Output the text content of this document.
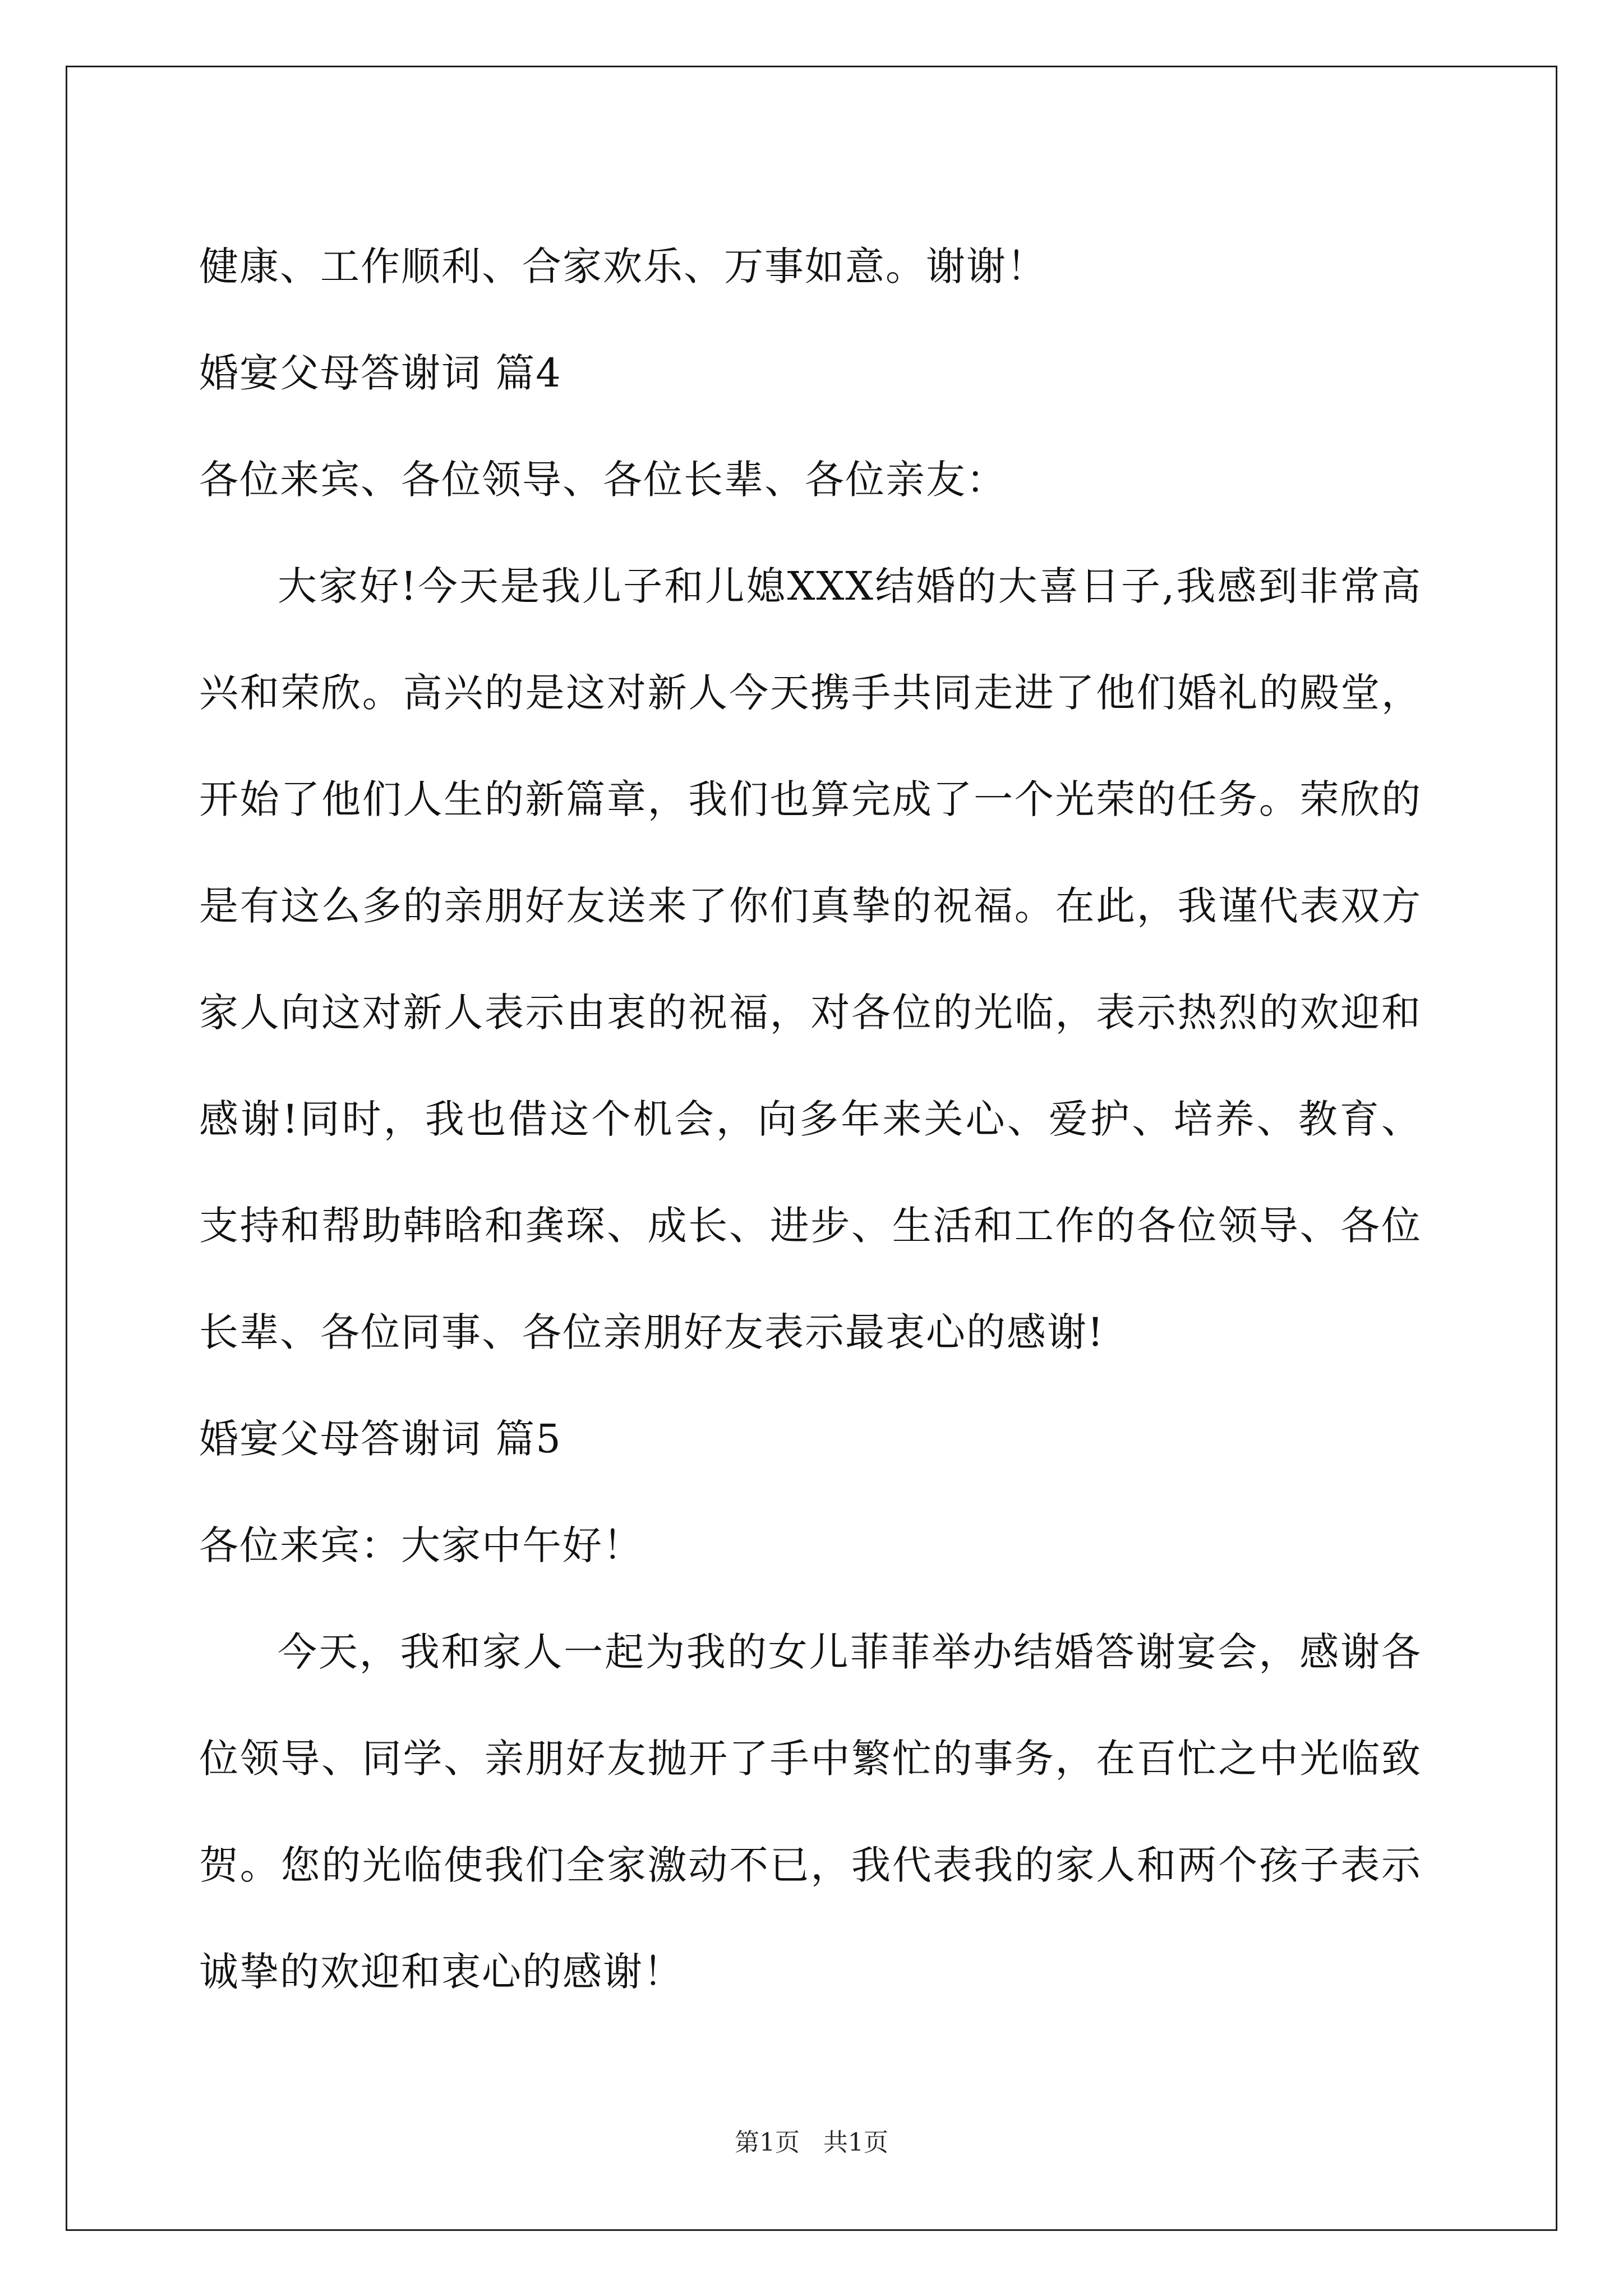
健康、工作顺利、合家欢乐、万事如意。谢谢！
婚宴父母答谢词 篇4
各位来宾、各位领导、各位长辈、各位亲友：
大家好!今天是我儿子和儿媳XXX结婚的大喜日子,我感到非常高兴和荣欣。高兴的是这对新人今天携手共同走进了他们婚礼的殿堂，开始了他们人生的新篇章，我们也算完成了一个光荣的任务。荣欣的是有这么多的亲朋好友送来了你们真挚的祝福。在此，我谨代表双方家人向这对新人表示由衷的祝福，对各位的光临，表示热烈的欢迎和感谢!同时，我也借这个机会，向多年来关心、爱护、培养、教育、支持和帮助韩晗和龚琛、成长、进步、生活和工作的各位领导、各位长辈、各位同事、各位亲朋好友表示最衷心的感谢!
婚宴父母答谢词 篇5
各位来宾：大家中午好！
今天，我和家人一起为我的女儿菲菲举办结婚答谢宴会，感谢各位领导、同学、亲朋好友抛开了手中繁忙的事务，在百忙之中光临致贺。您的光临使我们全家激动不已，我代表我的家人和两个孩子表示诚挚的欢迎和衷心的感谢！
第1页 共1页
